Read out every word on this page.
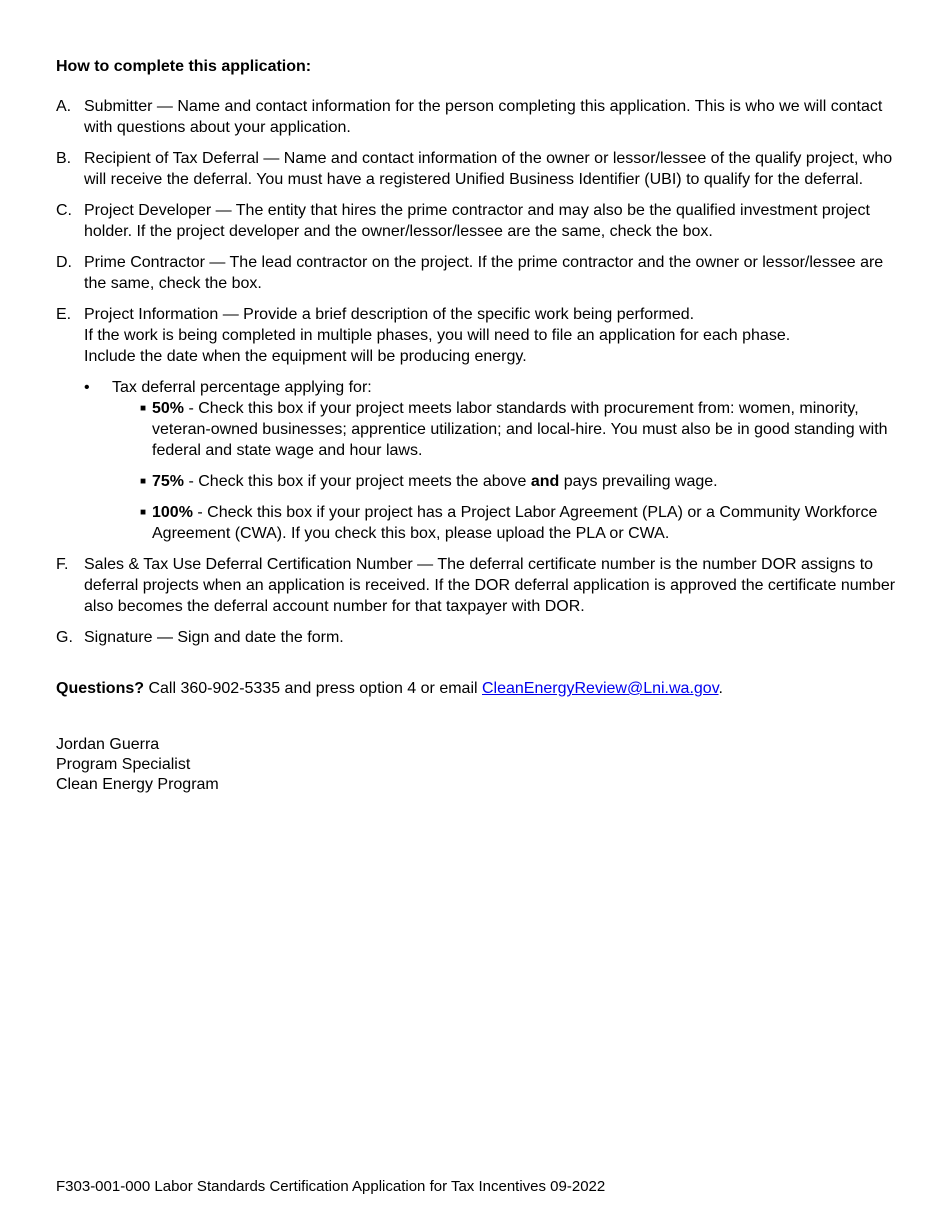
How to complete this application:
A. Submitter — Name and contact information for the person completing this application. This is who we will contact with questions about your application.
B. Recipient of Tax Deferral — Name and contact information of the owner or lessor/lessee of the qualify project, who will receive the deferral. You must have a registered Unified Business Identifier (UBI) to qualify for the deferral.
C. Project Developer — The entity that hires the prime contractor and may also be the qualified investment project holder. If the project developer and the owner/lessor/lessee are the same, check the box.
D. Prime Contractor — The lead contractor on the project. If the prime contractor and the owner or lessor/lessee are the same, check the box.
E. Project Information — Provide a brief description of the specific work being performed.
If the work is being completed in multiple phases, you will need to file an application for each phase.
Include the date when the equipment will be producing energy.
•	Tax deferral percentage applying for:
■ 50% - Check this box if your project meets labor standards with procurement from: women, minority, veteran-owned businesses; apprentice utilization; and local-hire. You must also be in good standing with federal and state wage and hour laws.
■ 75% - Check this box if your project meets the above and pays prevailing wage.
■ 100% - Check this box if your project has a Project Labor Agreement (PLA) or a Community Workforce Agreement (CWA). If you check this box, please upload the PLA or CWA.
F. Sales & Tax Use Deferral Certification Number — The deferral certificate number is the number DOR assigns to deferral projects when an application is received. If the DOR deferral application is approved the certificate number also becomes the deferral account number for that taxpayer with DOR.
G. Signature — Sign and date the form.
Questions? Call 360-902-5335 and press option 4 or email CleanEnergyReview@Lni.wa.gov.
Jordan Guerra
Program Specialist
Clean Energy Program
F303-001-000 Labor Standards Certification Application for Tax Incentives 09-2022
